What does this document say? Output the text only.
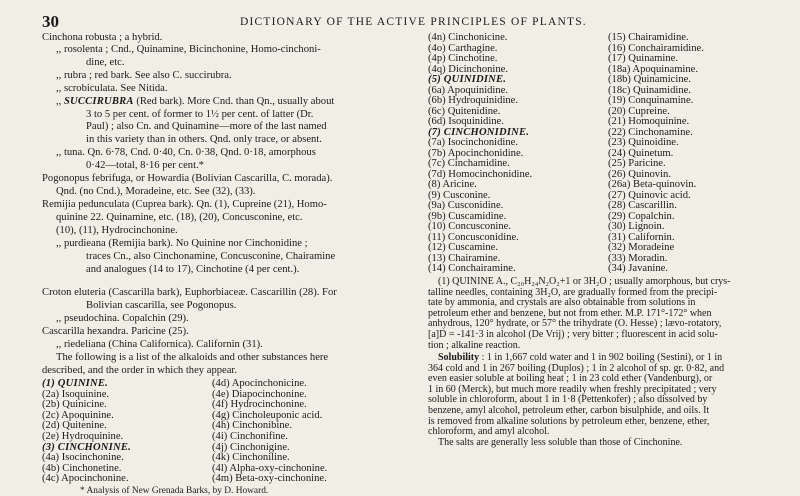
30	DICTIONARY OF THE ACTIVE PRINCIPLES OF PLANTS.
Cinchona robusta ; a hybrid.
,, rosolenta ; Cnd., Quinamine, Bicinchonine, Homo-cinchoni-
dine, etc.
,, rubra ; red bark. See also C. succirubra.
,, scrobiculata. See Nitida.
,, SUCCIRUBRA (Red bark). More Cnd. than Qn., usually about
3 to 5 per cent. of former to 1½ per cent. of latter (Dr.
Paul) ; also Cn. and Quinamine—more of the last named
in this variety than in others. Qnd. only trace, or absent.
,, tuna. Qn. 6·78, Cnd. 0·40, Cn. 0·38, Qnd. 0·18, amorphous
0·42—total, 8·16 per cent.*
Pogonopus febrifuga, or Howardia (Bolivian Cascarilla, C. morada).
Qnd. (no Cnd.), Moradeine, etc. See (32), (33).
Remijia pedunculata (Cuprea bark). Qn. (1), Cupreine (21), Homo-
quinine 22. Quinamine, etc. (18), (20), Concusconine, etc.
(10), (11), Hydrocinchonine.
,, purdieana (Remijia bark). No Quinine nor Cinchonidine ;
traces Cn., also Cinchonamine, Concusconine, Chairamine
and analogues (14 to 17), Cinchotine (4 per cent.).
Croton eluteria (Cascarilla bark), Euphorbiaceæ. Cascarillin (28). For
Bolivian cascarilla, see Pogonopus.
,, pseudochina. Copalchin (29).
Cascarilla hexandra. Paricine (25).
,, riedeliana (China Californica). Californin (31).
The following is a list of the alkaloids and other substances here
described, and the order in which they appear.
(1) QUININE.
(2a) Isoquinine.
(2b) Quinicine.
(2c) Apoquinine.
(2d) Quitenine.
(2e) Hydroquinine.
(3) CINCHONINE.
(4a) Isocinchonine.
(4b) Cinchonetine.
(4c) Apocinchonine.
(4d) Apocinchonicine.
(4e) Diapocinchonine.
(4f) Hydrocinchonine.
(4g) Cincholeuponic acid.
(4h) Cinchonibine.
(4i) Cinchonifine.
(4j) Cinchonigine.
(4k) Cinchoniline.
(4l) Alpha-oxy-cinchonine.
(4m) Beta-oxy-cinchonine.
(4n) Cinchonicine.
(4o) Carthagine.
(4p) Cinchotine.
(4q) Dicinchonine.
(5) QUINIDINE.
(6a) Apoquinidine.
(6b) Hydroquinidine.
(6c) Quitenidine.
(6d) Isoquinidine.
(7) CINCHONIDINE.
(7a) Isocinchonidine.
(7b) Apocinchonidine.
(7c) Cinchamidine.
(7d) Homocinchonidine.
(8) Aricine.
(9) Cusconine.
(9a) Cusconidine.
(9b) Cuscamidine.
(10) Concusconine.
(11) Concusconidine.
(12) Cuscamine.
(13) Chairamine.
(14) Conchairamine.
(15) Chairamidine.
(16) Conchairamidine.
(17) Quinamine.
(18a) Apoquinamine.
(18b) Quinamicine.
(18c) Quinamidine.
(19) Conquinamine.
(20) Cupreine.
(21) Homoquinine.
(22) Cinchonamine.
(23) Quinoidine.
(24) Quinetum.
(25) Paricine.
(26) Quinovin.
(26a) Beta-quinovin.
(27) Quinovic acid.
(28) Cascarillin.
(29) Copalchin.
(30) Lignoin.
(31) Californin.
(32) Moradeine
(33) Moradin.
(34) Javanine.
(1) QUININE A., C₂₀H₂₄N₂O₂+1 or 3H₂O ; usually amorphous, but crys-
talline needles, containing 3H₂O, are gradually formed from the precipi-
tate by ammonia, and crystals are also obtainable from solutions in
petroleum ether and benzene, but not from ether. M.P. 171°-172° when
anhydrous, 120° hydrate, or 57° the trihydrate (O. Hesse) ; lævo-rotatory,
[a]D = -141·3 in alcohol (De Vrij) ; very bitter ; fluorescent in acid solu-
tion ; alkaline reaction.
Solubility : 1 in 1,667 cold water and 1 in 902 boiling (Sestini), or 1 in
364 cold and 1 in 267 boiling (Duplos) ; 1 in 2 alcohol of sp. gr. 0·82, and
even easier soluble at boiling heat ; 1 in 23 cold ether (Vandenburg), or
1 in 60 (Merck), but much more readily when freshly precipitated ; very
soluble in chloroform, about 1 in 1·8 (Pettenkofer) ; also dissolved by
benzene, amyl alcohol, petroleum ether, carbon bisulphide, and oils. It
is removed from alkaline solutions by petroleum ether, benzene, ether,
chloroform, and amyl alcohol.
The salts are generally less soluble than those of Cinchonine.
* Analysis of New Grenada Barks, by D. Howard.
